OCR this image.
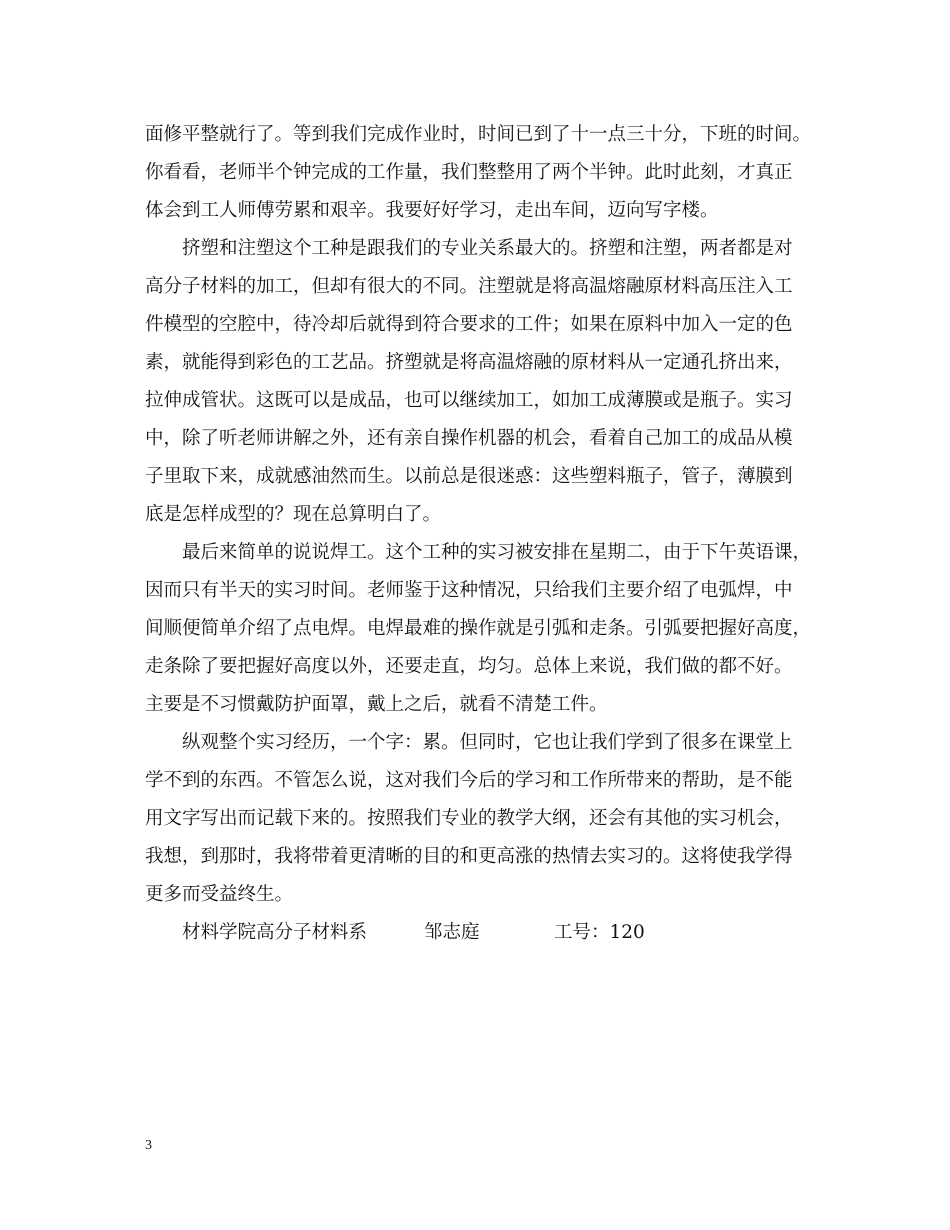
面修平整就行了。等到我们完成作业时，时间已到了十一点三十分，下班的时间。
你看看，老师半个钟完成的工作量，我们整整用了两个半钟。此时此刻，才真正
体会到工人师傅劳累和艰辛。我要好好学习，走出车间，迈向写字楼。
挤塑和注塑这个工种是跟我们的专业关系最大的。挤塑和注塑，两者都是对
高分子材料的加工，但却有很大的不同。注塑就是将高温熔融原材料高压注入工
件模型的空腔中，待冷却后就得到符合要求的工件；如果在原料中加入一定的色
素，就能得到彩色的工艺品。挤塑就是将高温熔融的原材料从一定通孔挤出来，
拉伸成管状。这既可以是成品，也可以继续加工，如加工成薄膜或是瓶子。实习
中，除了听老师讲解之外，还有亲自操作机器的机会，看着自己加工的成品从模
子里取下来，成就感油然而生。以前总是很迷惑：这些塑料瓶子，管子，薄膜到
底是怎样成型的？现在总算明白了。
最后来简单的说说焊工。这个工种的实习被安排在星期二，由于下午英语课，
因而只有半天的实习时间。老师鉴于这种情况，只给我们主要介绍了电弧焊，中
间顺便简单介绍了点电焊。电焊最难的操作就是引弧和走条。引弧要把握好高度，
走条除了要把握好高度以外，还要走直，均匀。总体上来说，我们做的都不好。
主要是不习惯戴防护面罩，戴上之后，就看不清楚工件。
纵观整个实习经历，一个字：累。但同时，它也让我们学到了很多在课堂上
学不到的东西。不管怎么说，这对我们今后的学习和工作所带来的帮助，是不能
用文字写出而记载下来的。按照我们专业的教学大纲，还会有其他的实习机会，
我想，到那时，我将带着更清晰的目的和更高涨的热情去实习的。这将使我学得
更多而受益终生。
材料学院高分子材料系	邹志庭	工号：120
3
